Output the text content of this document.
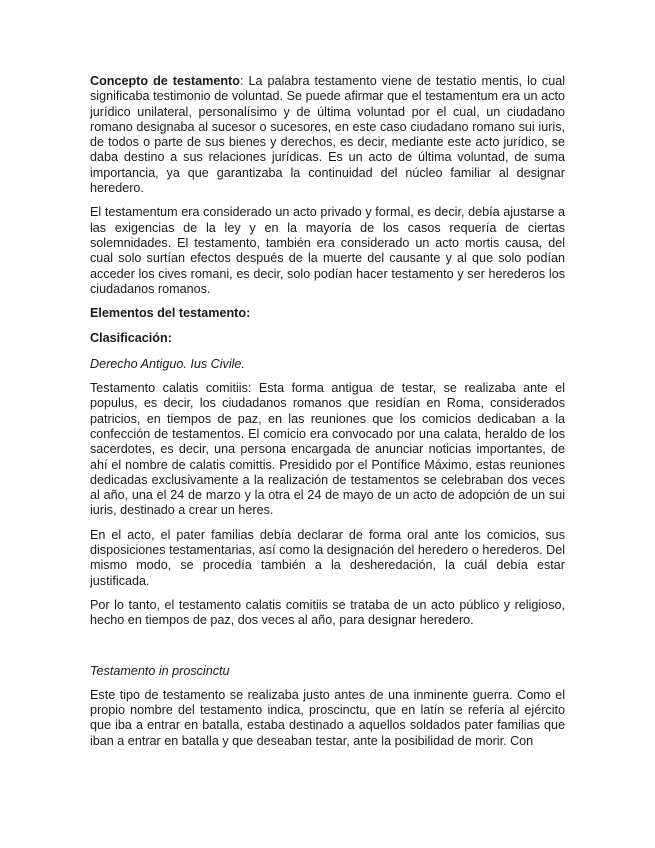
Concepto de testamento: La palabra testamento viene de testatio mentis, lo cual significaba testimonio de voluntad. Se puede afirmar que el testamentum era un acto jurídico unilateral, personalísimo y de última voluntad por el cual, un ciudadano romano designaba al sucesor o sucesores, en este caso ciudadano romano sui iuris, de todos o parte de sus bienes y derechos, es decir, mediante este acto jurídico, se daba destino a sus relaciones jurídicas. Es un acto de última voluntad, de suma importancia, ya que garantizaba la continuidad del núcleo familiar al designar heredero.

El testamentum era considerado un acto privado y formal, es decir, debía ajustarse a las exigencias de la ley y en la mayoría de los casos requería de ciertas solemnidades. El testamento, también era considerado un acto mortis causa, del cual solo surtían efectos después de la muerte del causante y al que solo podían acceder los cives romani, es decir, solo podían hacer testamento y ser herederos los ciudadanos romanos.

Elementos del testamento:

Clasificación:

Derecho Antiguo. Ius Civile.

Testamento calatis comitiis: Esta forma antigua de testar, se realizaba ante el populus, es decir, los ciudadanos romanos que residían en Roma, considerados patricios, en tiempos de paz, en las reuniones que los comicios dedicaban a la confección de testamentos. El comicio era convocado por una calata, heraldo de los sacerdotes, es decir, una persona encargada de anunciar noticias importantes, de ahí el nombre de calatis comittis. Presidido por el Pontífice Máximo, estas reuniones dedicadas exclusivamente a la realización de testamentos se celebraban dos veces al año, una el 24 de marzo y la otra el 24 de mayo de un acto de adopción de un sui iuris, destinado a crear un heres.

En el acto, el pater familias debía declarar de forma oral ante los comicios, sus disposiciones testamentarias, así como la designación del heredero o herederos. Del mismo modo, se procedía también a la desheredación, la cuál debía estar justificada.

Por lo tanto, el testamento calatis comitiis se trataba de un acto público y religioso, hecho en tiempos de paz, dos veces al año, para designar heredero.

Testamento in proscinctu

Este tipo de testamento se realizaba justo antes de una inminente guerra. Como el propio nombre del testamento indica, proscinctu, que en latín se refería al ejército que iba a entrar en batalla, estaba destinado a aquellos soldados pater familias que iban a entrar en batalla y que deseaban testar, ante la posibilidad de morir. Con
